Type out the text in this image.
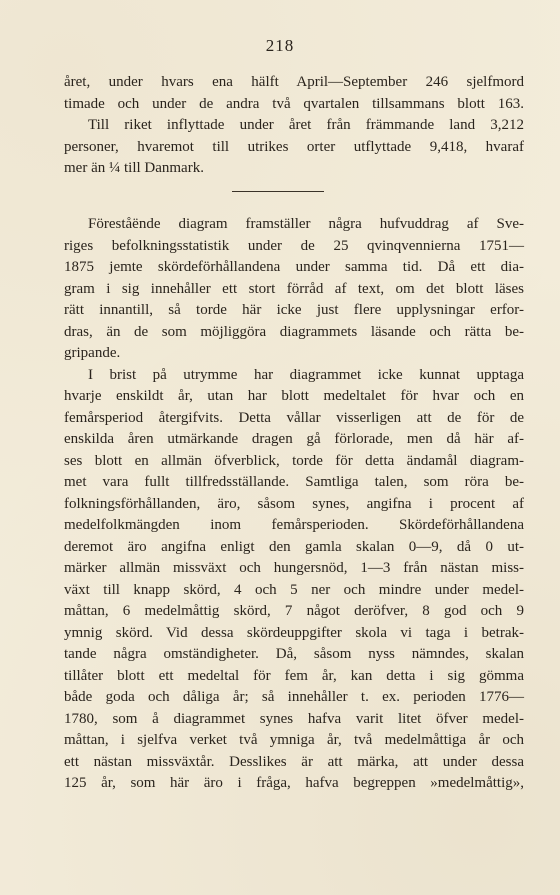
218
året, under hvars ena hälft April—September 246 sjelfmord
timade och under de andra två qvartalen tillsammans blott 163.
Till riket inflyttade under året från främmande land 3,212
personer, hvaremot till utrikes orter utflyttade 9,418, hvaraf
mer än ¼ till Danmark.
Föreståënde diagram framställer några hufvuddrag af Sve-
riges befolkningsstatistik under de 25 qvinqvennierna 1751—
1875 jemte skördeförhållandena under samma tid. Då ett dia-
gram i sig innehåller ett stort förråd af text, om det blott läses
rätt innantill, så torde här icke just flere upplysningar erfor-
dras, än de som möjliggöra diagrammets läsande och rätta be-
gripande.
I brist på utrymme har diagrammet icke kunnat upptaga
hvarje enskildt år, utan har blott medeltalet för hvar och en
femårsperiod återgifvits. Detta vållar visserligen att de för de
enskilda åren utmärkande dragen gå förlorade, men då här af-
ses blott en allmän öfverblick, torde för detta ändamål diagram-
met vara fullt tillfredsställande. Samtliga talen, som röra be-
folkningsförhållanden, äro, såsom synes, angifna i procent af
medelfolkmängden inom femårsperioden. Skördeförhållandena
deremot äro angifna enligt den gamla skalan 0—9, då 0 ut-
märker allmän missväxt och hungersnöd, 1—3 från nästan miss-
växt till knapp skörd, 4 och 5 ner och mindre under medel-
måttan, 6 medelmåttig skörd, 7 något deröfver, 8 god och 9
ymnig skörd. Vid dessa skördeuppgifter skola vi taga i betrak-
tande några omständigheter. Då, såsom nyss nämndes, skalan
tillåter blott ett medeltal för fem år, kan detta i sig gömma
både goda och dåliga år; så innehåller t. ex. perioden 1776—
1780, som å diagrammet synes hafva varit litet öfver medel-
måttan, i sjelfva verket två ymniga år, två medelmåttiga år och
ett nästan missväxtår. Desslikes är att märka, att under dessa
125 år, som här äro i fråga, hafva begreppen »medelmåttig»,
